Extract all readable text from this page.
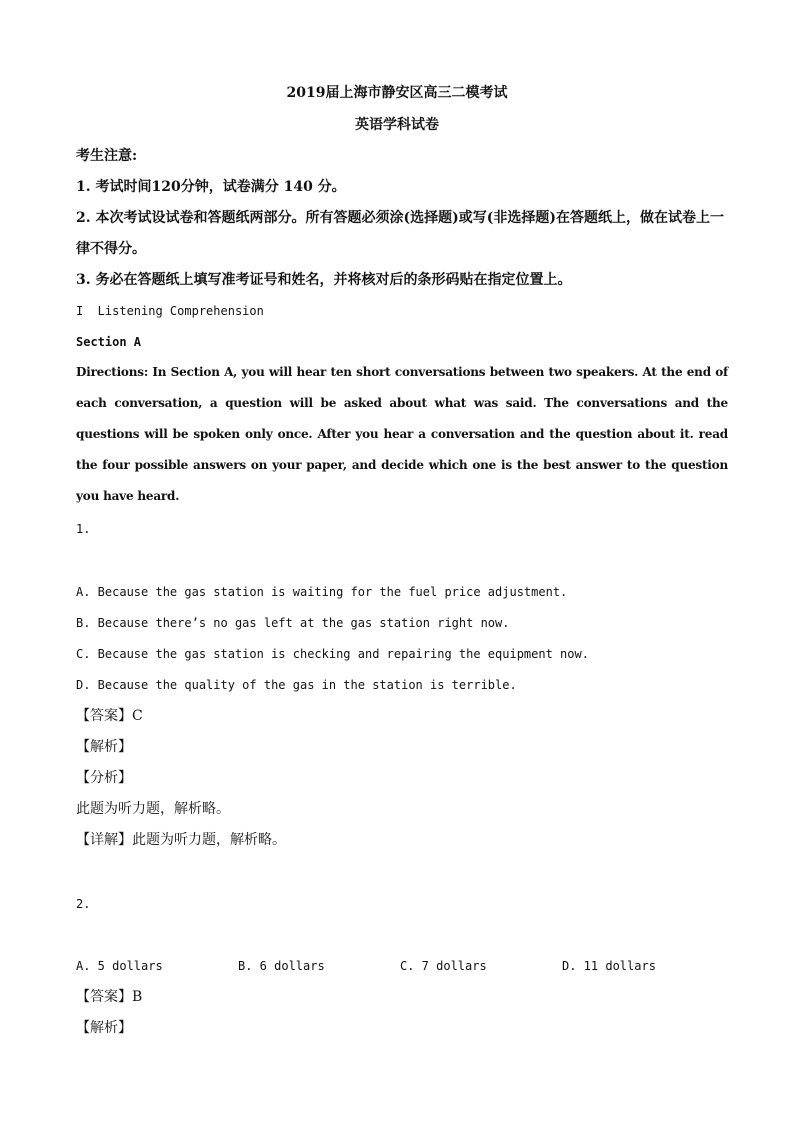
2019届上海市静安区高三二模考试

英语学科试卷

考生注意:

1. 考试时间120分钟，试卷满分 140 分。

2. 本次考试设试卷和答题纸两部分。所有答题必须涂(选择题)或写(非选择题)在答题纸上，做在试卷上一律不得分。

3. 务必在答题纸上填写准考证号和姓名，并将核对后的条形码贴在指定位置上。

I  Listening Comprehension

Section A

Directions: In Section A, you will hear ten short conversations between two speakers. At the end of each conversation, a question will be asked about what was said. The conversations and the questions will be spoken only once. After you hear a conversation and the question about it. read the four possible answers on your paper, and decide which one is the best answer to the question you have heard.

1.

A. Because the gas station is waiting for the fuel price adjustment.

B. Because there’s no gas left at the gas station right now.

C. Because the gas station is checking and repairing the equipment now.

D. Because the quality of the gas in the station is terrible.

【答案】C

【解析】

【分析】

此题为听力题，解析略。

【详解】此题为听力题，解析略。

2.

A. 5 dollars	B. 6 dollars	C. 7 dollars	D. 11 dollars

【答案】B

【解析】
